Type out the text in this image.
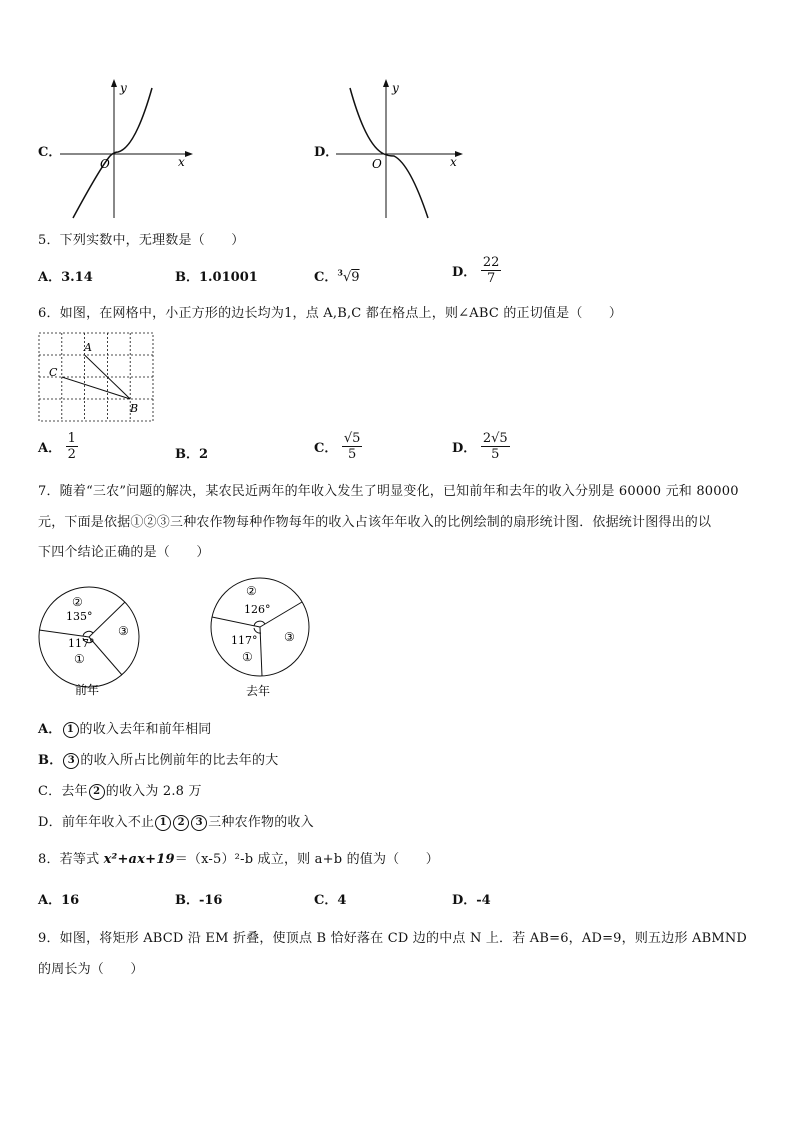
C．
y
x
O
D．
y
x
O
5．下列实数中，无理数是（　　）
A．3.14	B．1.01001	C．$^3$√9	D． $\frac{22}{7}$
6．如图，在网格中，小正方形的边长均为1，点 A,B,C 都在格点上，则∠ABC 的正切值是（　　）
A
C
B
A． $\frac{1}{2}$	B．2	C． $\frac{√5}{5}$	D． $\frac{2√5}{5}$
7．随着“三农”问题的解决，某农民近两年的年收入发生了明显变化，已知前年和去年的收入分别是 60000 元和 80000
元，下面是依据①②③三种农作物每种作物每年的收入占该年年收入的比例绘制的扇形统计图．依据统计图得出的以
下四个结论正确的是（　　）
②
135°
117°
①
③
前年
②
126°
117°
①
③
去年
A． 1 的收入去年和前年相同
B． 3 的收入所占比例前年的比去年的大
C．去年 2 的收入为 2.8 万
D．前年年收入不止 1 2 3 三种农作物的收入
8．若等式 x²+ax+19＝（x-5）²-b 成立，则 a+b 的值为（　　）
A．16	B．-16	C．4	D．-4
9．如图，将矩形 ABCD 沿 EM 折叠，使顶点 B 恰好落在 CD 边的中点 N 上．若 AB=6，AD=9，则五边形 ABMND
的周长为（　　）
